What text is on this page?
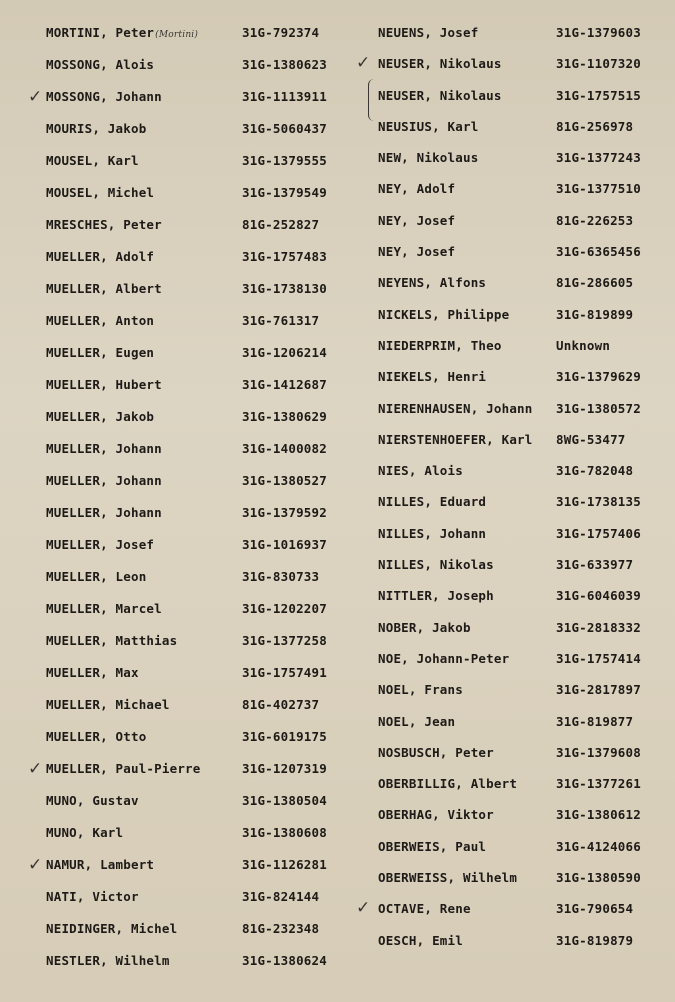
MORTINI, Peter(Mortini)	31G-792374
MOSSONG, Alois	31G-1380623
✓ MOSSONG, Johann	31G-1113911
MOURIS, Jakob	31G-5060437
MOUSEL, Karl	31G-1379555
MOUSEL, Michel	31G-1379549
MRESCHES, Peter	81G-252827
MUELLER, Adolf	31G-1757483
MUELLER, Albert	31G-1738130
MUELLER, Anton	31G-761317
MUELLER, Eugen	31G-1206214
MUELLER, Hubert	31G-1412687
MUELLER, Jakob	31G-1380629
MUELLER, Johann	31G-1400082
MUELLER, Johann	31G-1380527
MUELLER, Johann	31G-1379592
MUELLER, Josef	31G-1016937
MUELLER, Leon	31G-830733
MUELLER, Marcel	31G-1202207
MUELLER, Matthias	31G-1377258
MUELLER, Max	31G-1757491
MUELLER, Michael	81G-402737
MUELLER, Otto	31G-6019175
✓ MUELLER, Paul-Pierre	31G-1207319
MUNO, Gustav	31G-1380504
MUNO, Karl	31G-1380608
✓ NAMUR, Lambert	31G-1126281
NATI, Victor	31G-824144
NEIDINGER, Michel	81G-232348
NESTLER, Wilhelm	31G-1380624
NEUENS, Josef	31G-1379603
✓ NEUSER, Nikolaus	31G-1107320
NEUSER, Nikolaus	31G-1757515
NEUSIUS, Karl	81G-256978
NEW, Nikolaus	31G-1377243
NEY, Adolf	31G-1377510
NEY, Josef	81G-226253
NEY, Josef	31G-6365456
NEYENS, Alfons	81G-286605
NICKELS, Philippe	31G-819899
NIEDERPRIM, Theo	Unknown
NIEKELS, Henri	31G-1379629
NIERENHAUSEN, Johann 31G-1380572
NIERSTENHOEFER, Karl 8WG-53477
NIES, Alois	31G-782048
NILLES, Eduard	31G-1738135
NILLES, Johann	31G-1757406
NILLES, Nikolas	31G-633977
NITTLER, Joseph	31G-6046039
NOBER, Jakob	31G-2818332
NOE, Johann-Peter	31G-1757414
NOEL, Frans	31G-2817897
NOEL, Jean	31G-819877
NOSBUSCH, Peter	31G-1379608
OBERBILLIG, Albert	31G-1377261
OBERHAG, Viktor	31G-1380612
OBERWEIS, Paul	31G-4124066
OBERWEISS, Wilhelm	31G-1380590
✓ OCTAVE, Rene	31G-790654
OESCH, Emil	31G-819879
